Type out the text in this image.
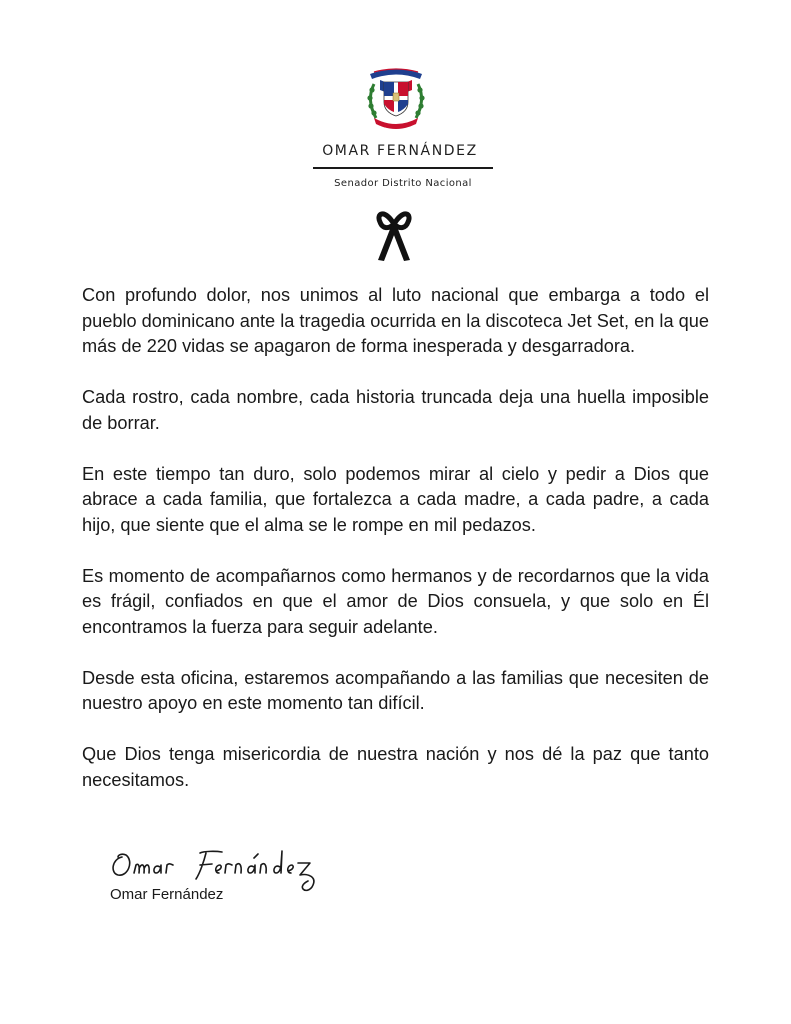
OMAR FERNÁNDEZ
Senador Distrito Nacional

Con profundo dolor, nos unimos al luto nacional que embarga a todo el pueblo dominicano ante la tragedia ocurrida en la discoteca Jet Set, en la que más de 220 vidas se apagaron de forma inesperada y desgarradora.

Cada rostro, cada nombre, cada historia truncada deja una huella imposible de borrar.

En este tiempo tan duro, solo podemos mirar al cielo y pedir a Dios que abrace a cada familia, que fortalezca a cada madre, a cada padre, a cada hijo, que siente que el alma se le rompe en mil pedazos.

Es momento de acompañarnos como hermanos y de recordarnos que la vida es frágil, confiados en que el amor de Dios consuela, y que solo en Él encontramos la fuerza para seguir adelante.

Desde esta oficina, estaremos acompañando a las familias que necesiten de nuestro apoyo en este momento tan difícil.

Que Dios tenga misericordia de nuestra nación y nos dé la paz que tanto necesitamos.

Omar Fernández
